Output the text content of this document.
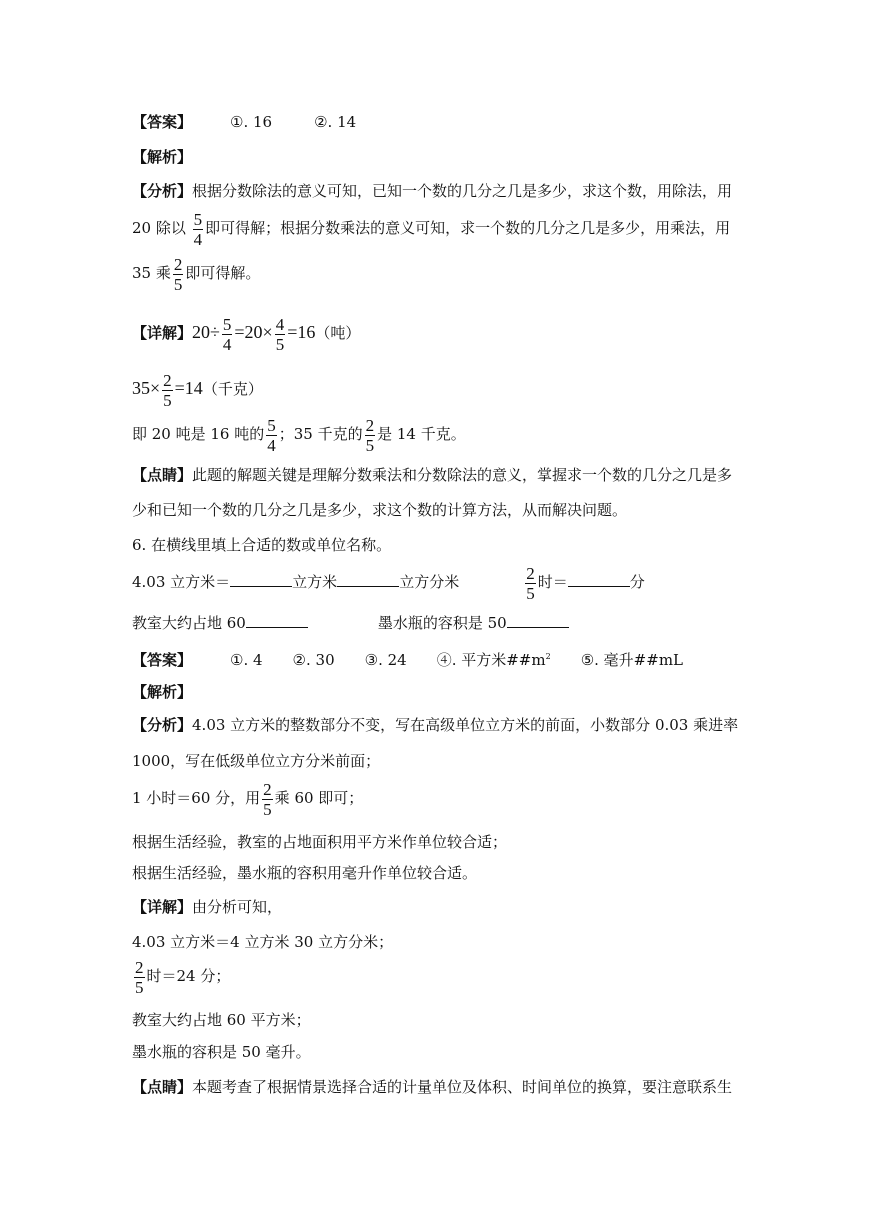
【答案】	①. 16	②. 14
【解析】
【分析】根据分数除法的意义可知，已知一个数的几分之几是多少，求这个数，用除法，用
20 除以 $\frac{5}{4}$ 即可得解；根据分数乘法的意义可知，求一个数的几分之几是多少，用乘法，用
35 乘 $\frac{2}{5}$ 即可得解。
【详解】$20\div \frac{5}{4} =20\times \frac{4}{5} =16$（吨）
$35\times \frac{2}{5} =14$（千克）
即 20 吨是 16 吨的 $\frac{5}{4}$ ；35 千克的 $\frac{2}{5}$ 是 14 千克。
【点睛】此题的解题关键是理解分数乘法和分数除法的意义，掌握求一个数的几分之几是多
少和已知一个数的几分之几是多少，求这个数的计算方法，从而解决问题。
6. 在横线里填上合适的数或单位名称。
4.03 立方米＝	立方米	立方分米	$\frac{2}{5}$ 时＝	分
教室大约占地 60	墨水瓶的容积是 50
【答案】	①. 4 ②. 30 ③. 24 ④. 平方米$\#\#m^2$ ⑤. 毫升##mL
【解析】
【分析】4.03 立方米的整数部分不变，写在高级单位立方米的前面，小数部分 0.03 乘进率
1000，写在低级单位立方分米前面；
1 小时＝60 分，用 $\frac{2}{5}$ 乘 60 即可；
根据生活经验，教室的占地面积用平方米作单位较合适；
根据生活经验，墨水瓶的容积用毫升作单位较合适。
【详解】由分析可知，
4.03 立方米＝4 立方米 30 立方分米；
$\frac{2}{5}$ 时＝24 分；
教室大约占地 60 平方米；
墨水瓶的容积是 50 毫升。
【点睛】本题考查了根据情景选择合适的计量单位及体积、时间单位的换算，要注意联系生
